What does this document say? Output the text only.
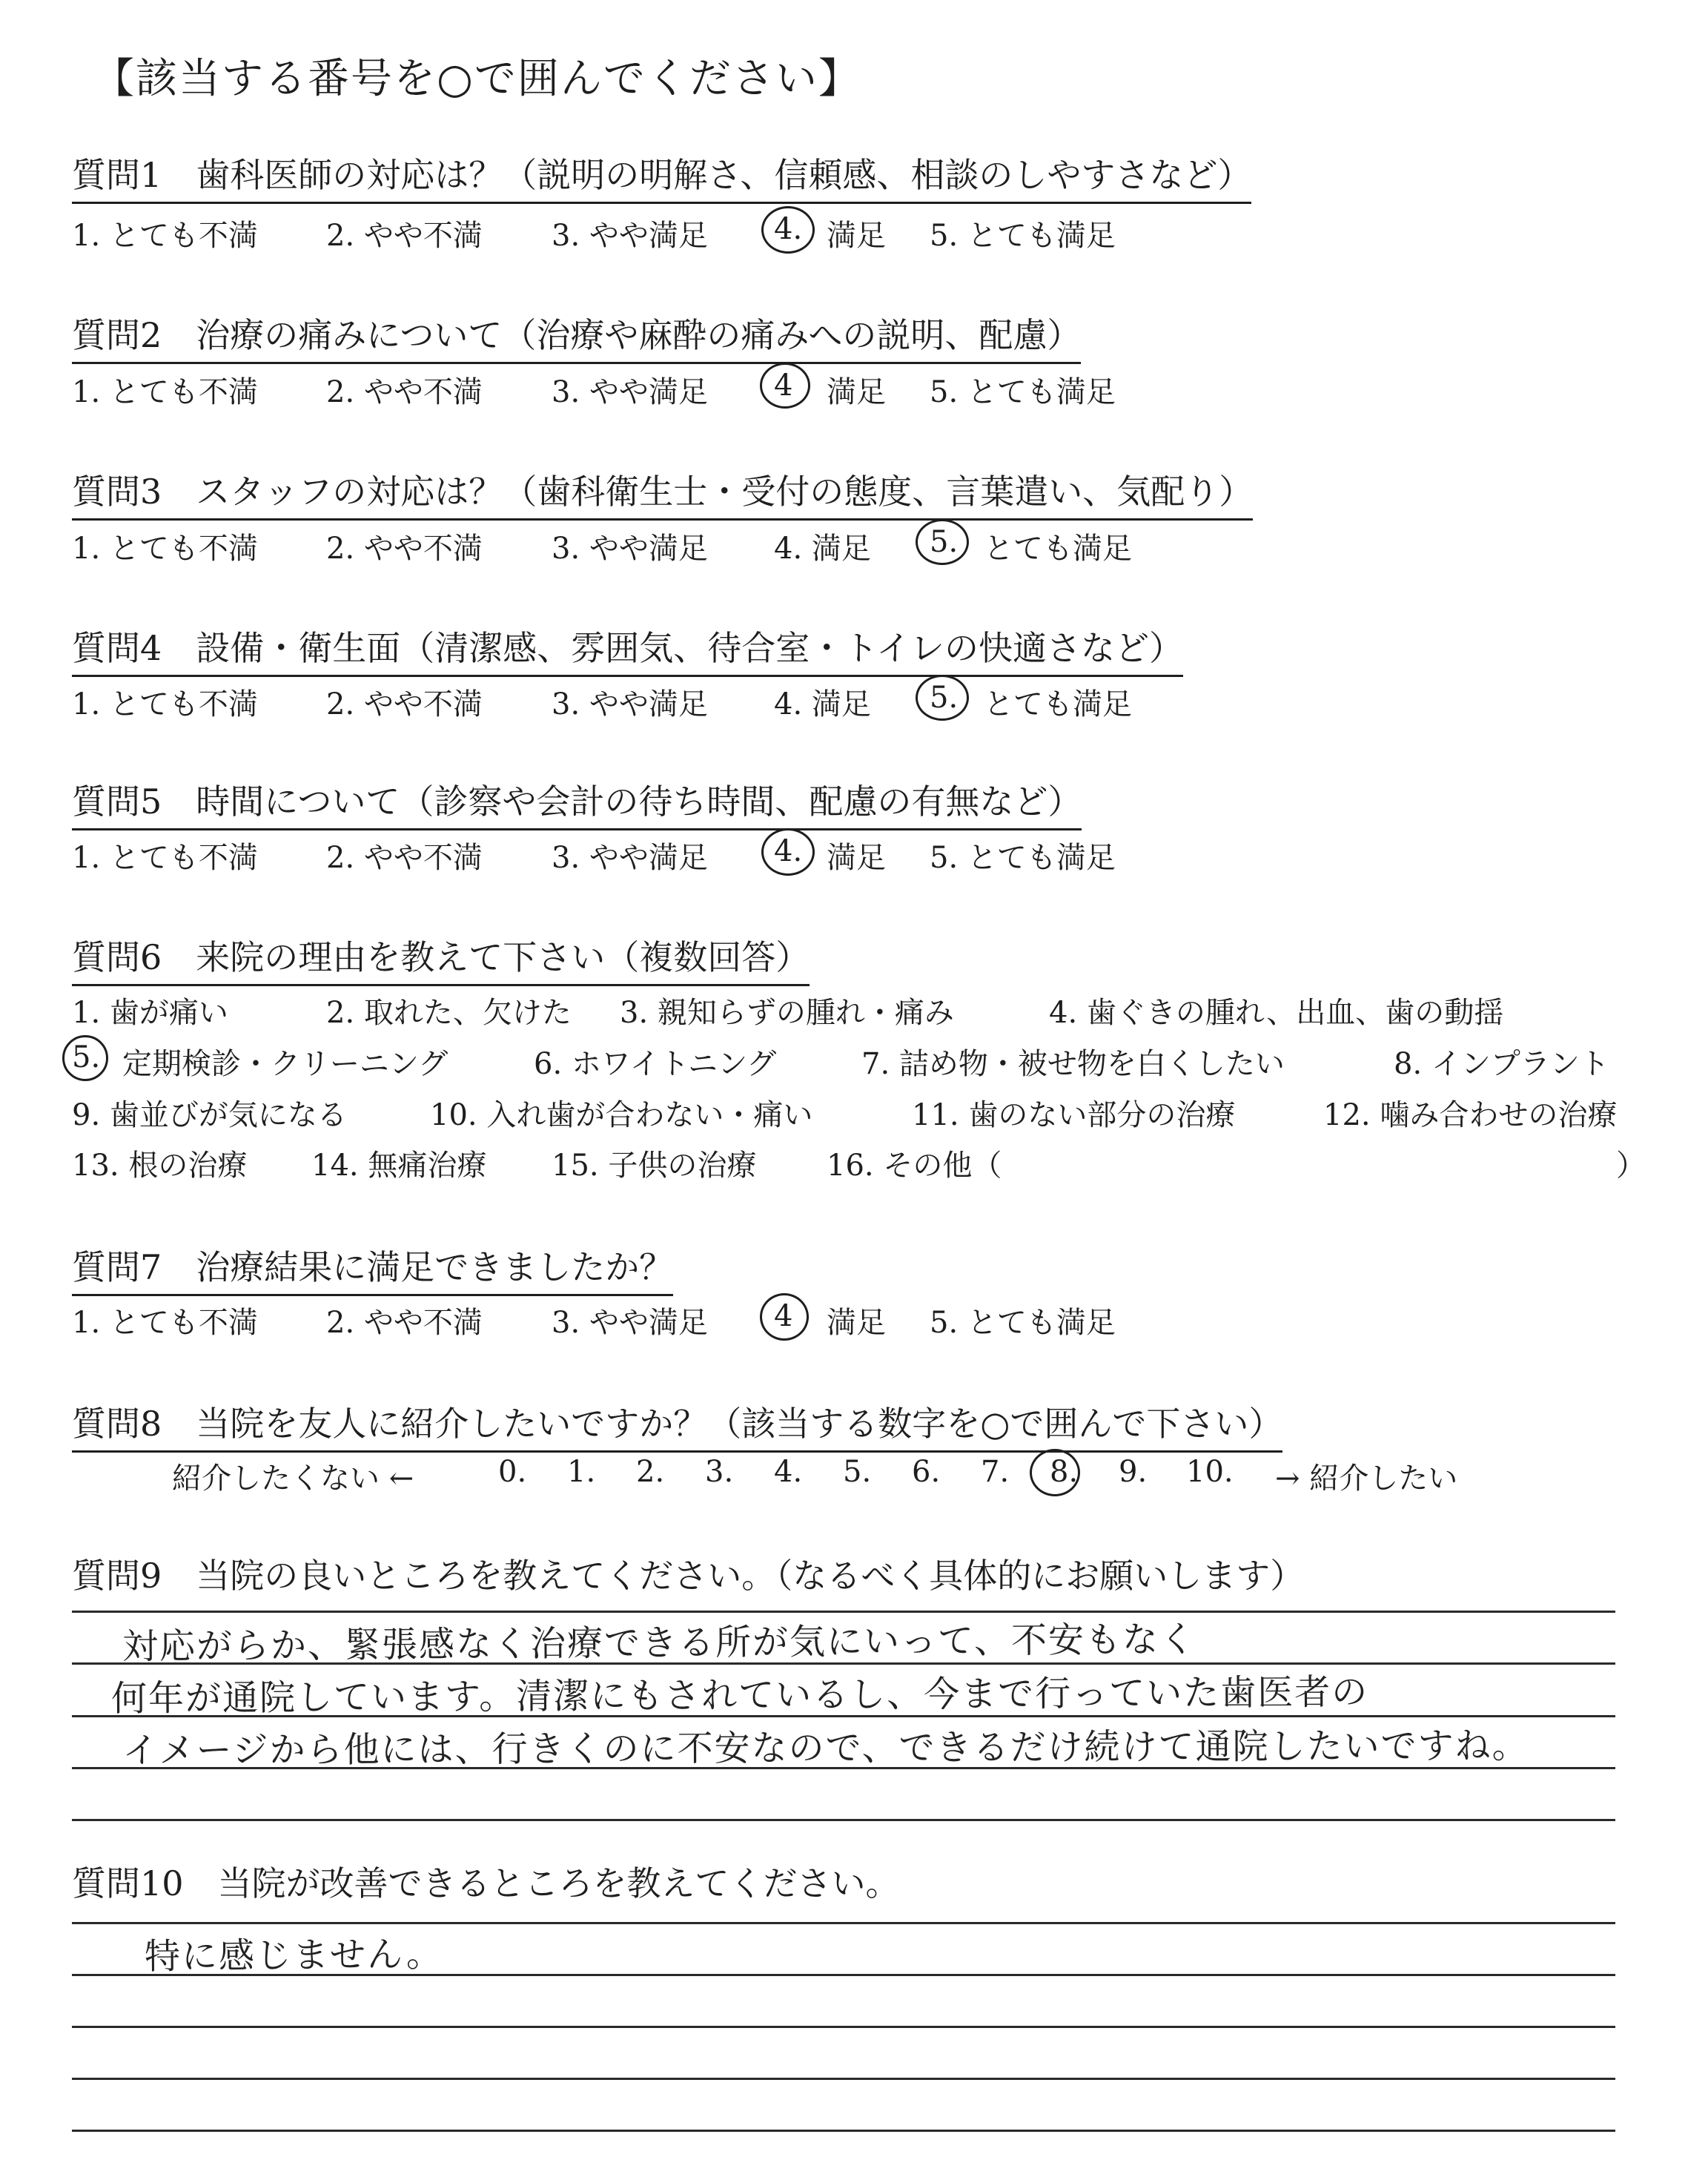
【該当する番号を○で囲んでください】
質問1　歯科医師の対応は？（説明の明解さ、信頼感、相談のしやすさなど）
1. とても不満 2. やや不満 3. やや満足 4. 満足 5. とても満足
質問2　治療の痛みについて（治療や麻酔の痛みへの説明、配慮）
1. とても不満 2. やや不満 3. やや満足 4 満足 5. とても満足
質問3　スタッフの対応は？（歯科衛生士・受付の態度、言葉遣い、気配り）
1. とても不満 2. やや不満 3. やや満足 4. 満足 5. とても満足
質問4　設備・衛生面（清潔感、雰囲気、待合室・トイレの快適さなど）
1. とても不満 2. やや不満 3. やや満足 4. 満足 5. とても満足
質問5　時間について（診察や会計の待ち時間、配慮の有無など）
1. とても不満 2. やや不満 3. やや満足 4. 満足 5. とても満足
質問6　来院の理由を教えて下さい（複数回答）
1. 歯が痛い	2. 取れた、欠けた 3. 親知らずの腫れ・痛み	4. 歯ぐきの腫れ、出血、歯の動揺
5. 定期検診・クリーニング	6. ホワイトニング	7. 詰め物・被せ物を白くしたい	8. インプラント
9. 歯並びが気になる	10. 入れ歯が合わない・痛い	11. 歯のない部分の治療	12. 噛み合わせの治療
13. 根の治療 14. 無痛治療 15. 子供の治療 16. その他（	）
質問7　治療結果に満足できましたか？
1. とても不満 2. やや不満 3. やや満足 4 満足 5. とても満足
質問8　当院を友人に紹介したいですか？（該当する数字を○で囲んで下さい）
紹介したくない ←	0. 1. 2. 3. 4. 5. 6. 7. 8. 9. 10. → 紹介したい
質問9　当院の良いところを教えてください。（なるべく具体的にお願いします）
対応がらか、緊張感なく治療できる所が気にいって、不安もなく
何年が通院しています。清潔にもされているし、今まで行っていた歯医者の
イメージから他には、行きくのに不安なので、できるだけ続けて通院したいですね。
質問10　当院が改善できるところを教えてください。
特に感じません。
